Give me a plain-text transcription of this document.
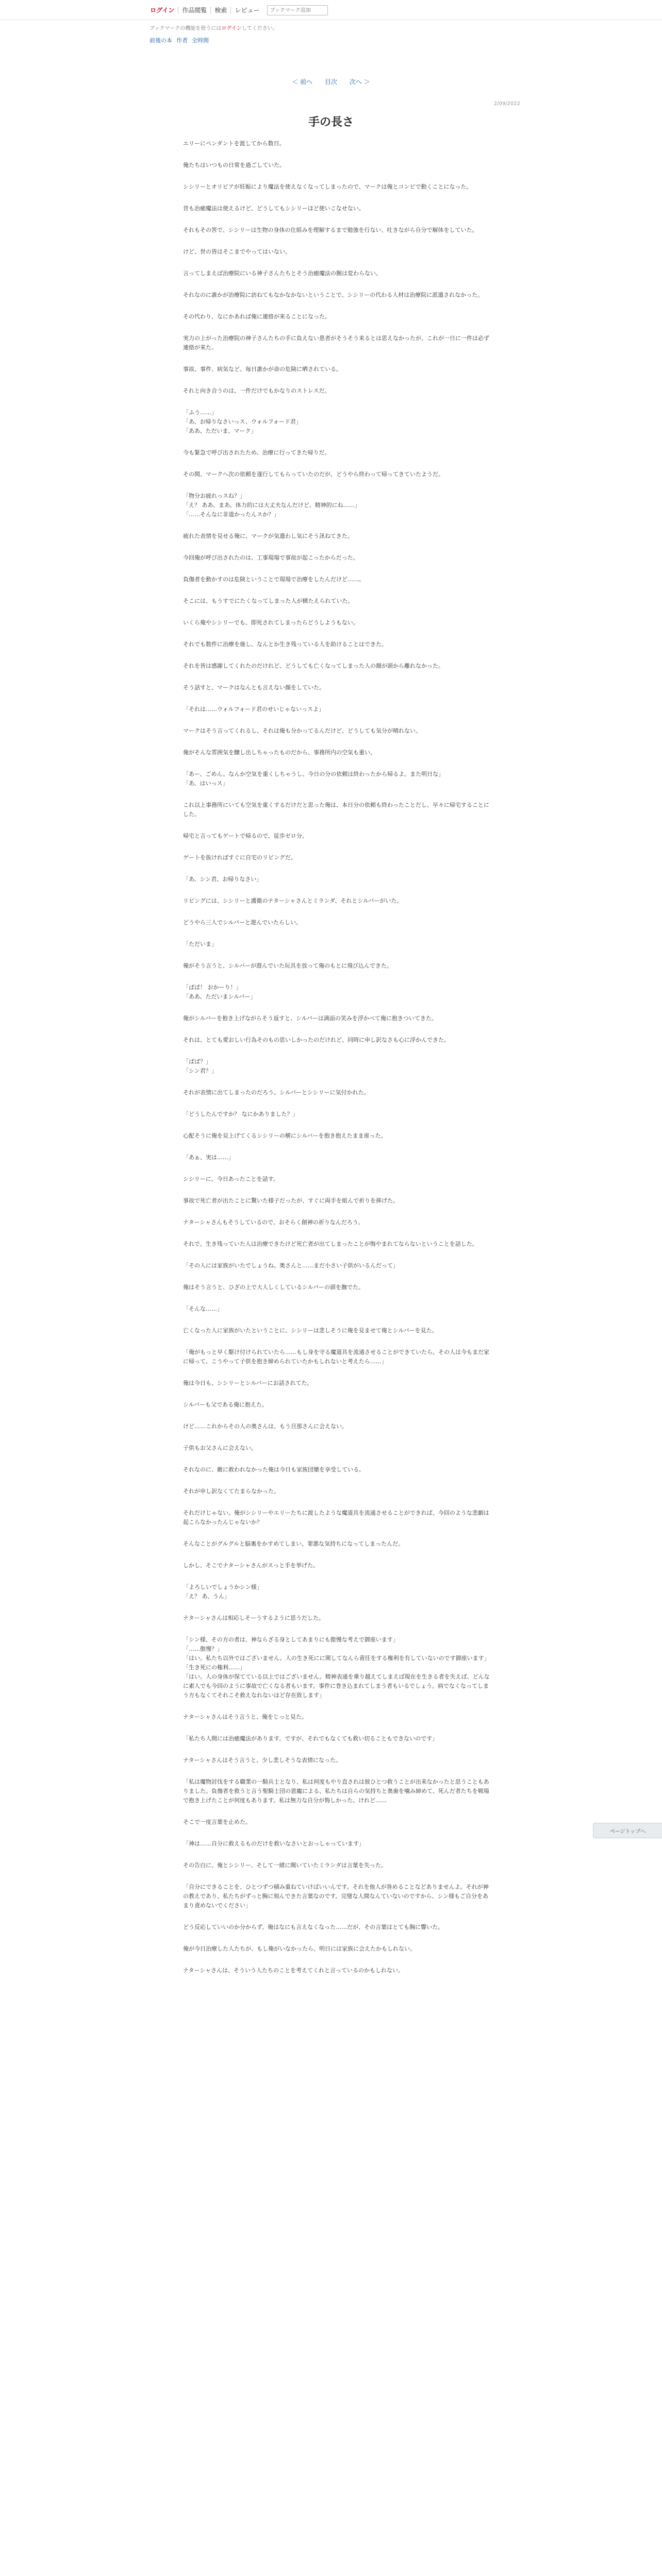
ログイン	作品閲覧	検索	レビュー
ブックマーク追加
ブックマークの機能を使うにはログインしてください。
前後の本 作者 全時間
＜ 前へ 目次 次へ ＞
2/09/2022
手の長さ

エリーにペンダントを渡してから数日。

俺たちはいつもの日常を過ごしていた。

シシリーとオリビアが妊娠により魔法を使えなくなってしまったので、マークは俺とコンビで動くことになった。

昔も治癒魔法は使えるけど、どうしてもシシリーほど使いこなせない。

それもその筈で、シシリーは生物の身体の仕組みを理解するまで勉強を行ない、吐きながら自分で解体をしていた。

けど、世の皆はそこまでやってはいない。

言ってしまえば治療院にいる神子さんたちとそう治癒魔法の腕は変わらない。

それなのに誰かが治療院に訪ねてもなかなかないということで、シシリーの代わる人材は治療院に派遣されなかった。

その代わり、なにかあれば俺に連絡が来ることになった。

実力の上がった治療院の神子さんたちの手に負えない患者がそうそう来るとは思えなかったが、これが一日に一件は必ず連絡が来た。

事故、事件、病気など、毎日誰かが命の危険に晒されている。

それと向き合うのは、一件だけでもかなりのストレスだ。

「ふう……」
「あ、お帰りなさいっス、ウォルフォード君」
「ああ、ただいま、マーク」

今も緊急で呼び出されたため、治療に行ってきた帰りだ。

その間、マークへ次の依頼を遂行してもらっていたのだが、どうやら終わって帰ってきていたようだ。

「物分お疲れっスね？」
「え？ ああ、まあ。体力的には大丈夫なんだけど、精神的にね……」
「……そんなに非道かったんスか？」

疲れた表情を見せる俺に、マークが気遣わし気にそう訊ねてきた。

今回俺が呼び出されたのは、工事現場で事故が起こったからだった。

負傷者を動かすのは危険ということで現場で治療をしたんだけど……。

そこには、もうすでにたくなってしまった人が横たえられていた。

いくら俺やシシリーでも、即死されてしまったらどうしようもない。

それでも数件に治療を施し、なんとか生き残っている人を助けることはできた。

それを皆は感謝してくれたのだけれど、どうしても亡くなってしまった人の顔が頭から離れなかった。

そう話すと、マークはなんとも言えない顔をしていた。

「それは……ウォルフォード君のせいじゃないっスよ」

マークはそう言ってくれるし、それは俺も分かってるんだけど、どうしても気分が晴れない。

俺がそんな雰囲気を醸し出しちゃったものだから、事務所内の空気も重い。

「あー、ごめん。なんか空気を重くしちゃうし、今日の分の依頼は終わったから帰るよ。また明日な」
「あ、はいっス」

これ以上事務所にいても空気を重くするだけだと思った俺は、本日分の依頼も終わったことだし、早々に帰宅することにした。

帰宅と言ってもゲートで帰るので、徒歩ゼロ分。

ゲートを抜ければすぐに自宅のリビングだ。

「あ、シン君、お帰りなさい」

リビングには、シシリーと護衛のナターシャさんとミランダ、それとシルバーがいた。

どうやら三人でシルバーと遊んでいたらしい。

「ただいま」

俺がそう言うと、シルバーが遊んでいた玩具を放って俺のもとに飛び込んできた。

「ぱぱ！ おかーり！」
「ああ、ただいまシルバー」

俺がシルバーを抱き上げながらそう返すと、シルバーは満面の笑みを浮かべて俺に抱きついてきた。

それは、とても愛おしい行為そのもの思いしかったのだけれど、同時に申し訳なさも心に浮かんできた。

「ぱぱ？」
「シン君？」

それが表情に出てしまったのだろう。シルバーとシシリーに気付かれた。

「どうしたんですか？ なにかありました？」

心配そうに俺を見上げてくるシシリーの横にシルバーを抱き抱えたまま座った。

「あぁ、実は……」

シシリーに、今日あったことを話す。

事故で死亡者が出たことに驚いた様子だったが、すぐに両手を組んで祈りを捧げた。

ナターシャさんもそうしているので、おそらく創神の祈りなんだろう。

それで、生き残っていた人は治療できたけど死亡者が出てしまったことが悔やまれてならないということを話した。

「その人には家族がいたでしょうね。奥さんと……まだ小さい子供がいるんだって」

俺はそう言うと、ひざの上で大人しくしているシルバーの頭を撫でた。

「そんな……」

亡くなった人に家族がいたということに、シシリーは悲しそうに俺を見ませて俺とシルバーを見た。

「俺がもっと早く駆け付けられていたら……もし身を守る魔道具を流通させることができていたら。その人は今もまだ家に帰って、こうやって子供を抱き締められていたかもしれないと考えたら……」

俺は今日も、シシリーとシルバーにお話されてた。

シルバーも父である俺に抱えた。

けど……これからその人の奥さんは、もう旦那さんに会えない。

子供もお父さんに会えない。

それなのに、敵に救われなかった俺は今日も家族団欒を享受している。

それが申し訳なくてたまらなかった。

それだけじゃない。俺がシシリーやエリーたちに渡したような魔道具を流通させることができれば、今回のような悲劇は起こらなかったんじゃないか？

そんなことがグルグルと脳裏をかすめてしまい、罪悪な気持ちになってしまったんだ。

しかし、そこでナターシャさんがスっと手を挙げた。

「よろしいでしょうかシン様」
「え？ あ、うん」

ナターシャさんは相応しそーうするように思うだした。

「シン様、その方の者は、神ならざる身としてあまりにも傲慢な考えで御座います」
「……傲慢？」
「はい。私たち以外ではございません。人の生き死にに関してなんら責任をする権利を有していないのです御座います」
「生き死にの権利……」
「はい。人の身体が保てている以上ではございません。精神表通を乗り越えてしまえば現在を生きる者を失えば、どんなに素人でも今回のように事故で亡くなる者もいます。事件に巻き込まれてしまう者もいるでしょう。病でなくなってしまう方もなくてそれこそ救えなれないほど存在致します」

ナターシャさんはそう言うと、俺をじっと見た。

「私たち人間には治癒魔法があります。ですが、それでもなくても救い切ることもできないのです」

ナターシャさんはそう言うと、少し悲しそうな表情になった。

「私は魔物討伐をする職業の一騎兵士となり、私は何度もやり直されは彼ひとつ救うことが出来なかったと思うこともありました。負傷者を救うと言う聖騎士団の恩寵による、私たちは自らの気持ちと奥歯を噛み締めて、死んだ者たちを戦場で抱き上げたことが何度もあります。私は無力な自分が悔しかった。けれど……

そこで一度言葉を止めた。

「神は……自分に救えるものだけを救いなさいとおっしゃっています」

その告白に、俺とシシリー、そして一緒に聞いていたミランダは言葉を失った。

「自分にできることを、ひとつずつ積み重ねていけばいいんです。それを他人が咎めることなどありませんよ。それが神の教えであり、私たちがずっと胸に刻んできた言葉なのです。完璧な人間なんていないのですから、シン様もご自分をあまり責めないでください」

どう反応していいのか分からず、俺はなにも言えなくなった……だが、その言葉はとても胸に響いた。

俺が今日治療した人たちが、もし俺がいなかったら、明日には家族に会えたかもしれない。

ナターシャさんは、そういう人たちのことを考えてくれと言っているのかもしれない。

ページトップへ
